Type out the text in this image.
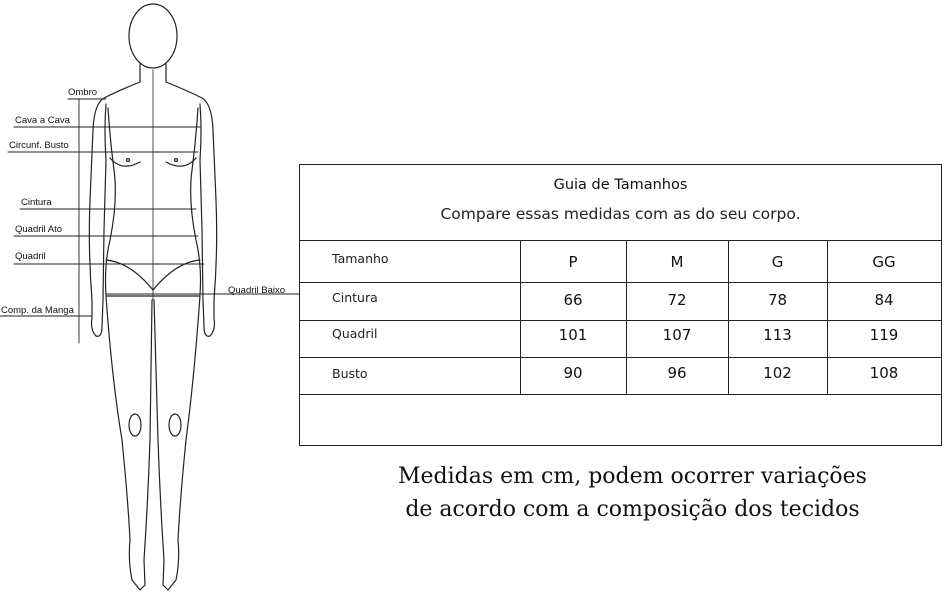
Ombro
Cava a Cava
Circunf. Busto
Cintura
Quadril Ato
Quadril
Comp. da Manga
Quadril Baixo
Guia de Tamanhos
Compare essas medidas com as do seu corpo.
Tamanho	P	M	G	GG
Cintura	66	72	78	84
Quadril	101	107	113	119
Busto	90	96	102	108
Medidas em cm, podem ocorrer variações
de acordo com a composição dos tecidos
